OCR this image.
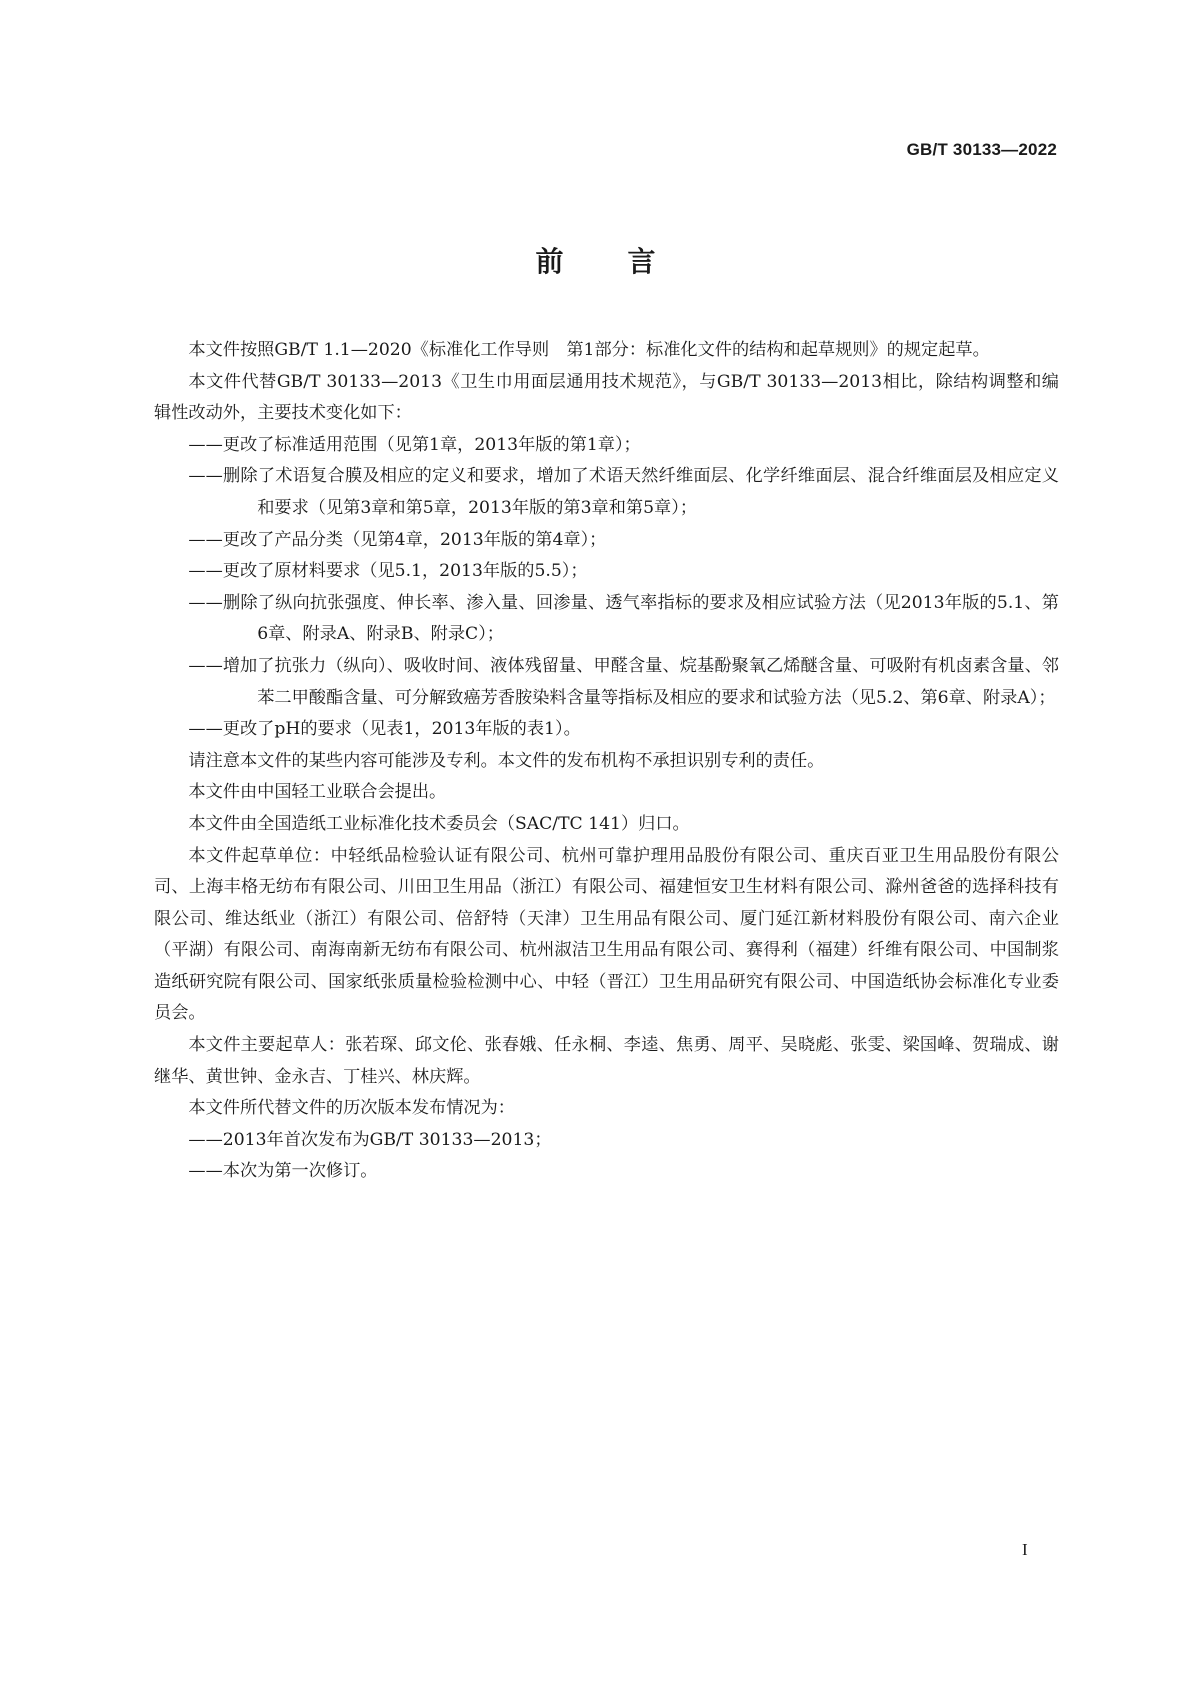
GB/T 30133—2022
前言

本文件按照GB/T 1.1—2020《标准化工作导则　第1部分：标准化文件的结构和起草规则》的规定起草。

本文件代替GB/T 30133—2013《卫生巾用面层通用技术规范》，与GB/T 30133—2013相比，除结构调整和编辑性改动外，主要技术变化如下：

——更改了标准适用范围（见第1章，2013年版的第1章）；

——删除了术语复合膜及相应的定义和要求，增加了术语天然纤维面层、化学纤维面层、混合纤维面层及相应定义和要求（见第3章和第5章，2013年版的第3章和第5章）；

——更改了产品分类（见第4章，2013年版的第4章）；

——更改了原材料要求（见5.1，2013年版的5.5）；

——删除了纵向抗张强度、伸长率、渗入量、回渗量、透气率指标的要求及相应试验方法（见2013年版的5.1、第6章、附录A、附录B、附录C）；

——增加了抗张力（纵向）、吸收时间、液体残留量、甲醛含量、烷基酚聚氧乙烯醚含量、可吸附有机卤素含量、邻苯二甲酸酯含量、可分解致癌芳香胺染料含量等指标及相应的要求和试验方法（见5.2、第6章、附录A）；

——更改了pH的要求（见表1，2013年版的表1）。

请注意本文件的某些内容可能涉及专利。本文件的发布机构不承担识别专利的责任。

本文件由中国轻工业联合会提出。

本文件由全国造纸工业标准化技术委员会（SAC/TC 141）归口。

本文件起草单位：中轻纸品检验认证有限公司、杭州可靠护理用品股份有限公司、重庆百亚卫生用品股份有限公司、上海丰格无纺布有限公司、川田卫生用品（浙江）有限公司、福建恒安卫生材料有限公司、滁州爸爸的选择科技有限公司、维达纸业（浙江）有限公司、倍舒特（天津）卫生用品有限公司、厦门延江新材料股份有限公司、南六企业（平湖）有限公司、南海南新无纺布有限公司、杭州淑洁卫生用品有限公司、赛得利（福建）纤维有限公司、中国制浆造纸研究院有限公司、国家纸张质量检验检测中心、中轻（晋江）卫生用品研究有限公司、中国造纸协会标准化专业委员会。

本文件主要起草人：张若琛、邱文伦、张春娥、任永桐、李逵、焦勇、周平、吴晓彪、张雯、梁国峰、贺瑞成、谢继华、黄世钟、金永吉、丁桂兴、林庆辉。

本文件所代替文件的历次版本发布情况为：

——2013年首次发布为GB/T 30133—2013；

——本次为第一次修订。

I
